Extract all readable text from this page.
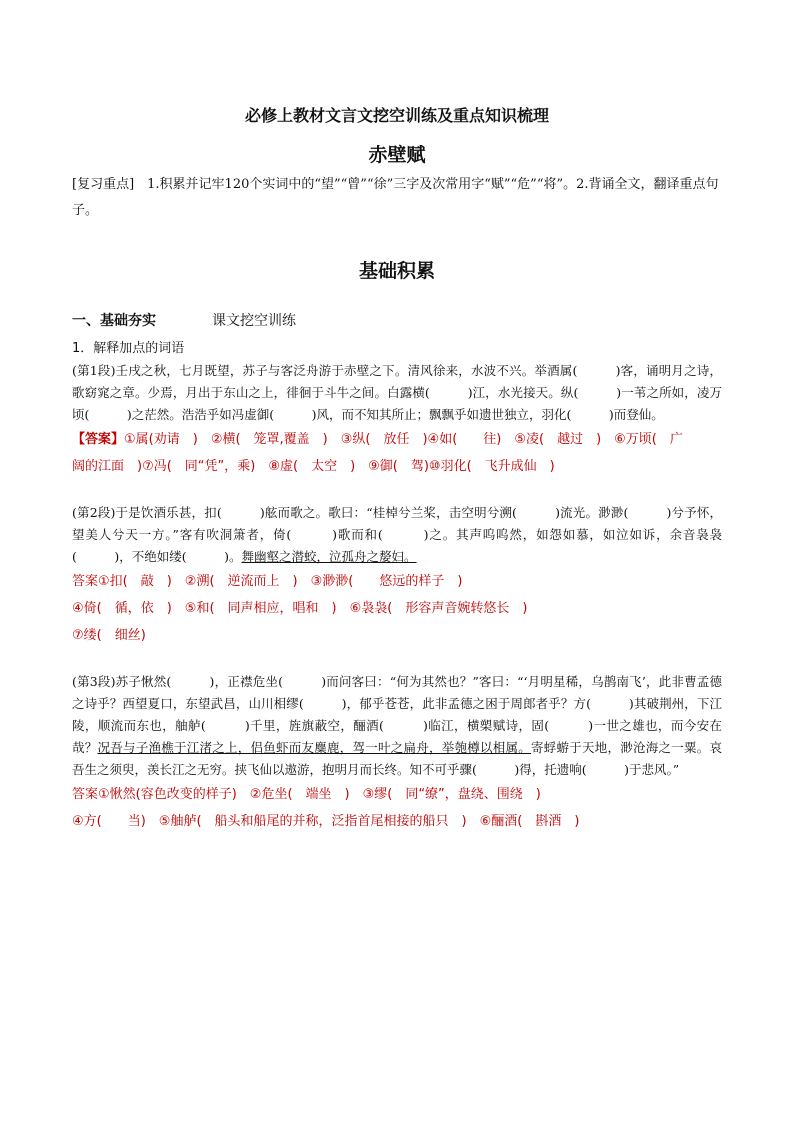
必修上教材文言文挖空训练及重点知识梳理
赤壁赋
[复习重点]　1.积累并记牢120个实词中的“望”“曾”“徐”三字及次常用字“赋”“危”“将”。2.背诵全文，翻译重点句子。
基础积累
一、基础夯实	课文挖空训练
1．解释加点的词语
(第1段)壬戌之秋，七月既望，苏子与客泛舟游于赤壁之下。清风徐来，水波不兴。举酒属(　　　)客，诵明月之诗，歌窈窕之章。少焉，月出于东山之上，徘徊于斗牛之间。白露横(　　　)江，水光接天。纵(　　　)一苇之所如，凌万顷(　　　)之茫然。浩浩乎如冯虚御(　　　)风，而不知其所止；飘飘乎如遗世独立，羽化(　　　)而登仙。
【答案】①属(劝请　)　②横(　笼罩,覆盖　)　③纵(　放任　)④如(　　往)　⑤凌(　越过　)　⑥万顷(　广
阔的江面　)⑦冯(　同“凭”，乘)　⑧虚(　太空　)　⑨御(　驾)⑩羽化(　飞升成仙　)
(第2段)于是饮酒乐甚，扣(　　　)舷而歌之。歌曰：“桂棹兮兰桨，击空明兮溯(　　　)流光。渺渺(　　　)兮予怀，望美人兮天一方。”客有吹洞箫者，倚(　　　)歌而和(　　　)之。其声呜呜然，如怨如慕，如泣如诉，余音袅袅(　　　)，不绝如缕(　　　)。舞幽壑之潜蛟，泣孤舟之嫠妇。
答案①扣(　敲　)　②溯(　逆流而上　)　③渺渺(　　悠远的样子　)
④倚(　循，依　)　⑤和(　同声相应，唱和　)　⑥袅袅(　形容声音婉转悠长　)
⑦缕(　细丝)
(第3段)苏子愀然(　　　)，正襟危坐(　　　)而问客曰：“何为其然也？”客曰：“‘月明星稀，乌鹊南飞’，此非曹孟德之诗乎？西望夏口，东望武昌，山川相缪(　　　)，郁乎苍苍，此非孟德之困于周郎者乎？方(　　　)其破荆州，下江陵，顺流而东也，舳舻(　　　)千里，旌旗蔽空，酾酒(　　　)临江，横槊赋诗，固(　　　)一世之雄也，而今安在哉？况吾与子渔樵于江渚之上，侣鱼虾而友麋鹿，驾一叶之扁舟，举匏樽以相属。寄蜉蝣于天地，渺沧海之一粟。哀吾生之须臾，羡长江之无穷。挟飞仙以遨游，抱明月而长终。知不可乎骤(　　　)得，托遗响(　　　)于悲风。”
答案①愀然(容色改变的样子)　②危坐(　端坐　)　③缪(　同“缭”，盘绕、围绕　)
④方(　　当)　⑤舳舻(　船头和船尾的并称，泛指首尾相接的船只　)　⑥酾酒(　斟酒　)
